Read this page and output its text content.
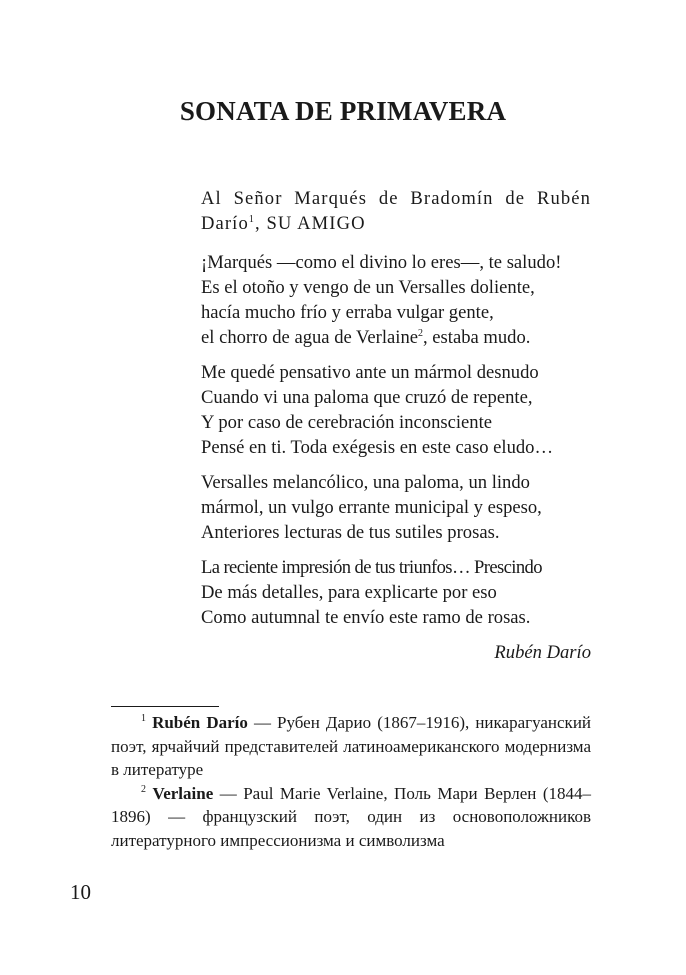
SONATA DE PRIMAVERA
Al Señor Marqués de Bradomín de Rubén Darío$^1$, SU AMIGO
¡Marqués —como el divino lo eres—, te saludo!
Es el otoño y vengo de un Versalles doliente,
hacía mucho frío y erraba vulgar gente,
el chorro de agua de Verlaine$^2$, estaba mudo.
Me quedé pensativo ante un mármol desnudo
Cuando vi una paloma que cruzó de repente,
Y por caso de cerebración inconsciente
Pensé en ti. Toda exégesis en este caso eludo…
Versalles melancólico, una paloma, un lindo
mármol, un vulgo errante municipal y espeso,
Anteriores lecturas de tus sutiles prosas.
La reciente impresión de tus triunfos… Prescindo
De más detalles, para explicarte por eso
Como autumnal te envío este ramo de rosas.
Rubén Darío
$^1$ Rubén Darío — Рубен Дарио (1867–1916), никарагуанский поэт, ярчайчий представителей латиноамериканского модернизма в литературе
$^2$ Verlaine — Paul Marie Verlaine, Поль Мари Верлен (1844–1896) — французский поэт, один из основоположников литературного импрессионизма и символизма
10
